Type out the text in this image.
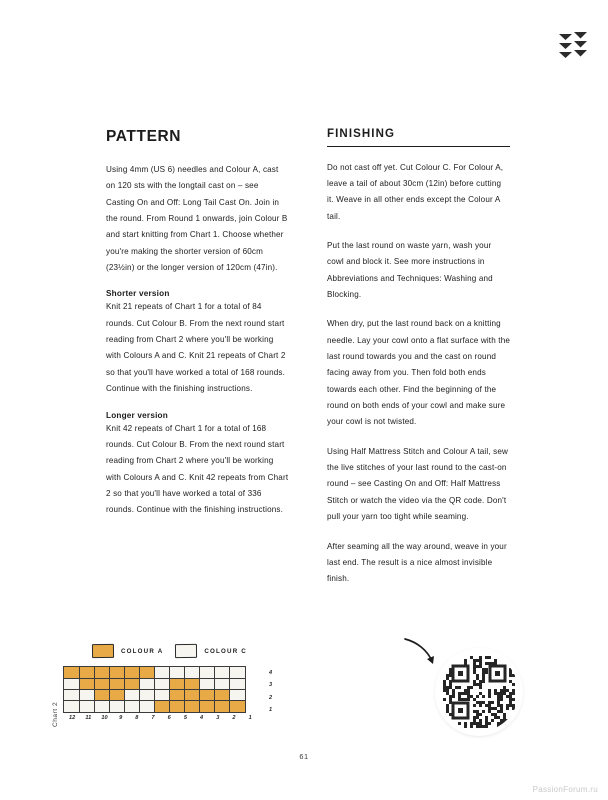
PATTERN

Using 4mm (US 6) needles and Colour A, cast on 120 sts with the longtail cast on – see Casting On and Off: Long Tail Cast On. Join in the round. From Round 1 onwards, join Colour B and start knitting from Chart 1. Choose whether you're making the shorter version of 60cm (23½in) or the longer version of 120cm (47in).

Shorter version

Knit 21 repeats of Chart 1 for a total of 84 rounds. Cut Colour B. From the next round start reading from Chart 2 where you'll be working with Colours A and C. Knit 21 repeats of Chart 2 so that you'll have worked a total of 168 rounds. Continue with the finishing instructions.

Longer version

Knit 42 repeats of Chart 1 for a total of 168 rounds. Cut Colour B. From the next round start reading from Chart 2 where you'll be working with Colours A and C. Knit 42 repeats from Chart 2 so that you'll have worked a total of 336 rounds. Continue with the finishing instructions.

FINISHING

Do not cast off yet. Cut Colour C. For Colour A, leave a tail of about 30cm (12in) before cutting it. Weave in all other ends except the Colour A tail.

Put the last round on waste yarn, wash your cowl and block it. See more instructions in Abbreviations and Techniques: Washing and Blocking.

When dry, put the last round back on a knitting needle. Lay your cowl onto a flat surface with the last round towards you and the cast on round facing away from you. Then fold both ends towards each other. Find the beginning of the round on both ends of your cowl and make sure your cowl is not twisted.

Using Half Mattress Stitch and Colour A tail, sew the live stitches of your last round to the cast-on round – see Casting On and Off: Half Mattress Stitch or watch the video via the QR code. Don't pull your yarn too tight while seaming.

After seaming all the way around, weave in your last end. The result is a nice almost invisible finish.

COLOUR A	COLOUR C
Chart 2
4
3
2
1
12	11	10	9	8	7	6	5	4	3	2	1
61
PassionForum.ru
